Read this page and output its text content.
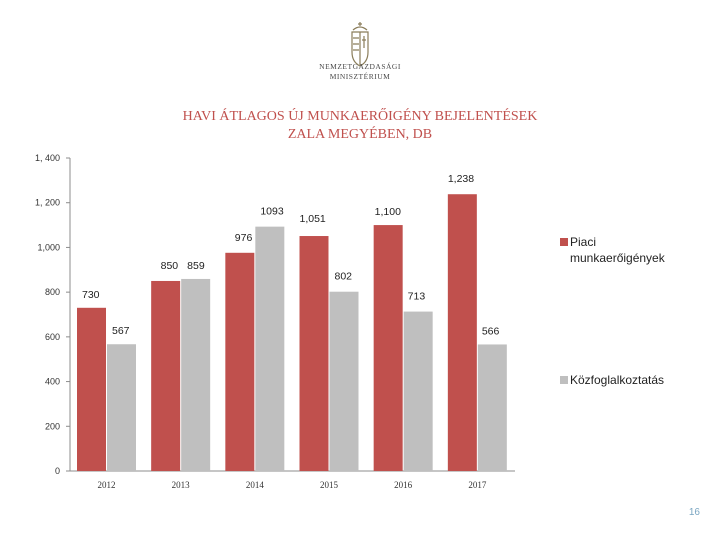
NEMZETGAZDASÁGI
MINISZTÉRIUM
HAVI ÁTLAGOS ÚJ MUNKAERŐIGÉNY BEJELENTÉSEK
ZALA MEGYÉBEN, DB
0
200
400
600
800
1,000
1, 200
1, 400
730
567
2012
850 859
2013
976
1093
2014
1,051
802
2015
1,100
713
2016
1,238
566
2017
Piaci munkaerőigények
Közfoglalkoztatás
16
